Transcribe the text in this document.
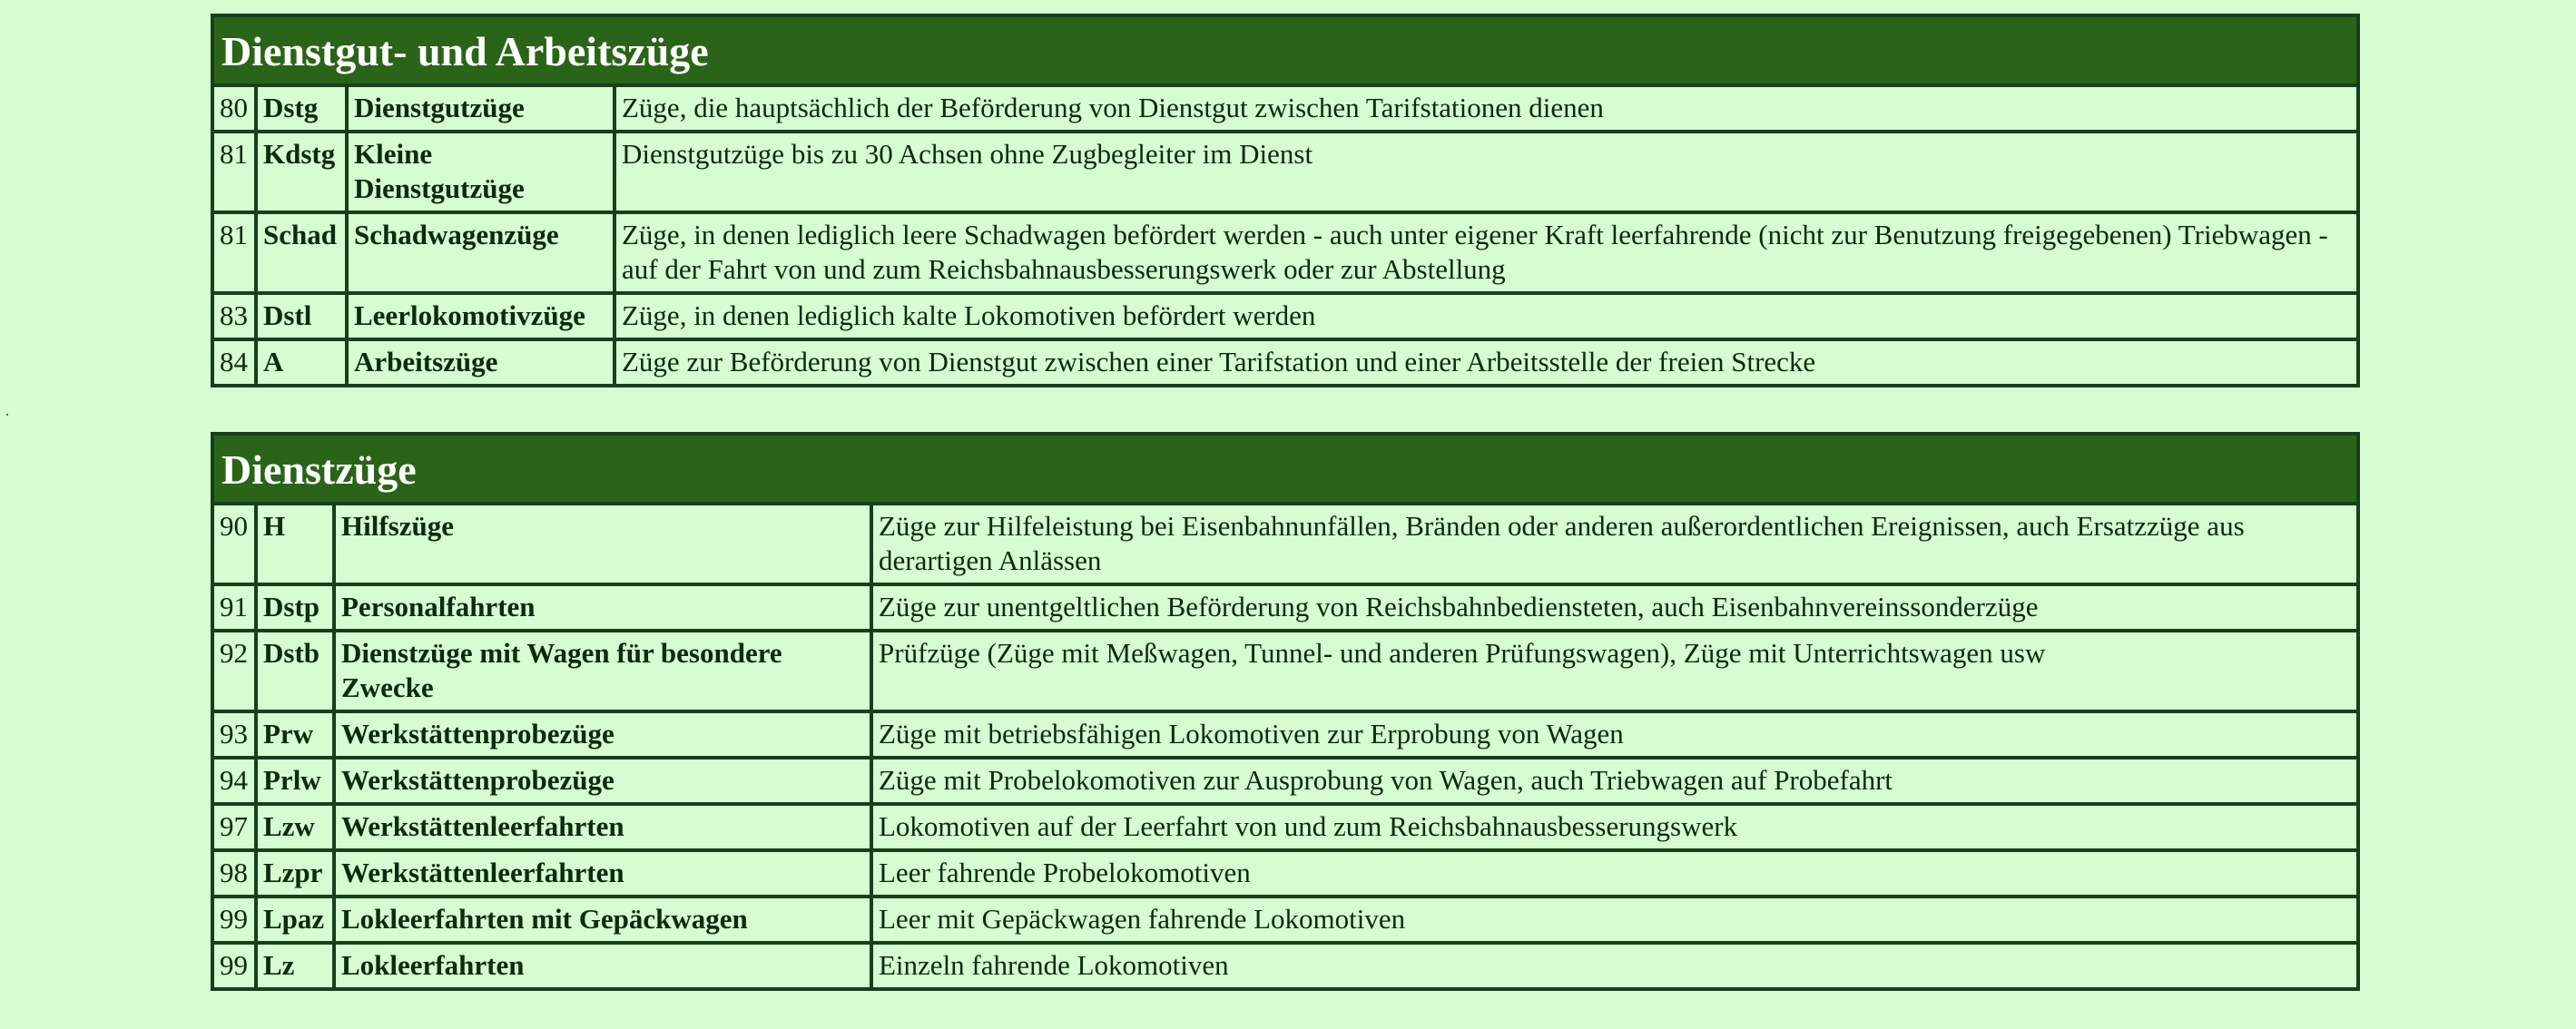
Dienstgut- und Arbeitszüge			
80	Dstg	Dienstgutzüge	Züge, die hauptsächlich der Beförderung von Dienstgut zwischen Tarifstationen dienen
81	Kdstg	Kleine Dienstgutzüge	Dienstgutzüge bis zu 30 Achsen ohne Zugbegleiter im Dienst
81	Schad	Schadwagenzüge	Züge, in denen lediglich leere Schadwagen befördert werden - auch unter eigener Kraft leerfahrende (nicht zur Benutzung freigegebenen) Triebwagen - auf der Fahrt von und zum Reichsbahnausbesserungswerk oder zur Abstellung
83	Dstl	Leerlokomotivzüge	Züge, in denen lediglich kalte Lokomotiven befördert werden
84	A	Arbeitszüge	Züge zur Beförderung von Dienstgut zwischen einer Tarifstation und einer Arbeitsstelle der freien Strecke
Dienstzüge			
90	H	Hilfszüge	Züge zur Hilfeleistung bei Eisenbahnunfällen, Bränden oder anderen außerordentlichen Ereignissen, auch Ersatzzüge aus derartigen Anlässen
91	Dstp	Personalfahrten	Züge zur unentgeltlichen Beförderung von Reichsbahnbediensteten, auch Eisenbahnvereinssonderzüge
92	Dstb	Dienstzüge mit Wagen für besondere Zwecke	Prüfzüge (Züge mit Meßwagen, Tunnel- und anderen Prüfungswagen), Züge mit Unterrichtswagen usw
93	Prw	Werkstättenprobezüge	Züge mit betriebsfähigen Lokomotiven zur Erprobung von Wagen
94	Prlw	Werkstättenprobezüge	Züge mit Probelokomotiven zur Ausprobung von Wagen, auch Triebwagen auf Probefahrt
97	Lzw	Werkstättenleerfahrten	Lokomotiven auf der Leerfahrt von und zum Reichsbahnausbesserungswerk
98	Lzpr	Werkstättenleerfahrten	Leer fahrende Probelokomotiven
99	Lpaz	Lokleerfahrten mit Gepäckwagen	Leer mit Gepäckwagen fahrende Lokomotiven
99	Lz	Lokleerfahrten	Einzeln fahrende Lokomotiven
